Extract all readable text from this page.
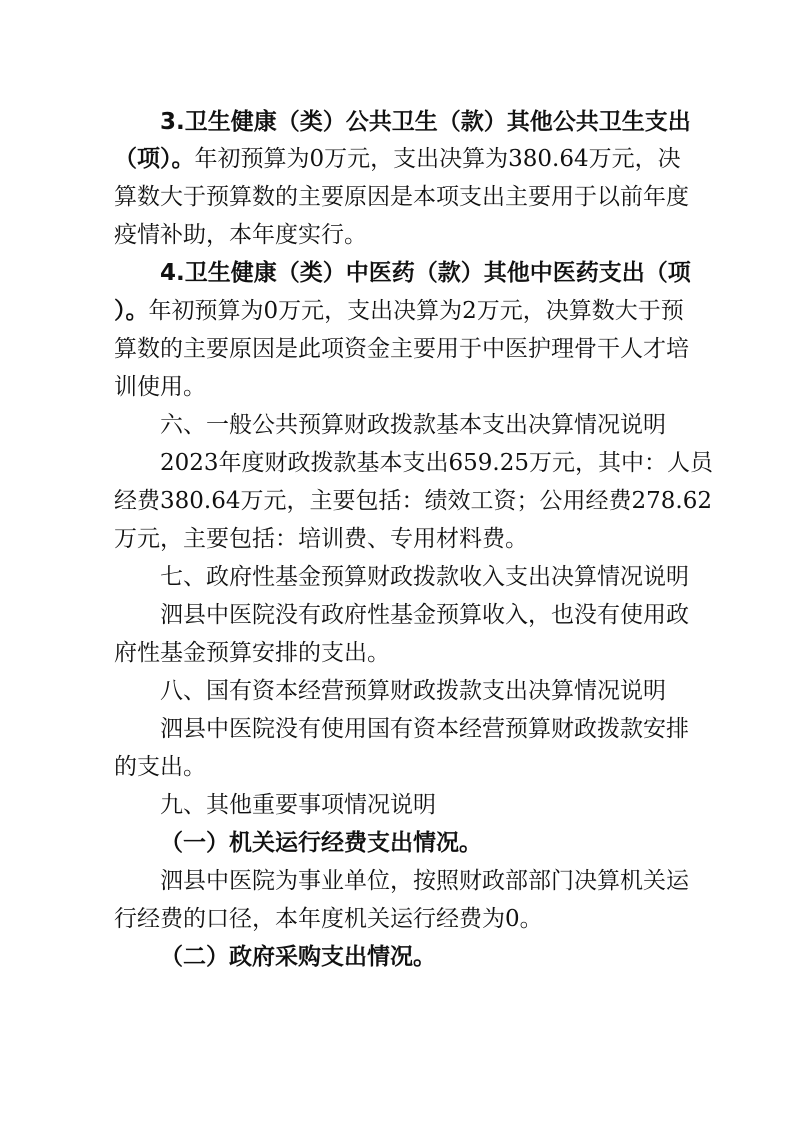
3.卫生健康（类）公共卫生（款）其他公共卫生支出
（项）。年初预算为0万元，支出决算为380.64万元，决
算数大于预算数的主要原因是本项支出主要用于以前年度
疫情补助，本年度实行。
4.卫生健康（类）中医药（款）其他中医药支出（项
）。年初预算为0万元，支出决算为2万元，决算数大于预
算数的主要原因是此项资金主要用于中医护理骨干人才培
训使用。
六、一般公共预算财政拨款基本支出决算情况说明
2023年度财政拨款基本支出659.25万元，其中：人员
经费380.64万元，主要包括：绩效工资；公用经费278.62
万元，主要包括：培训费、专用材料费。
七、政府性基金预算财政拨款收入支出决算情况说明
泗县中医院没有政府性基金预算收入，也没有使用政
府性基金预算安排的支出。
八、国有资本经营预算财政拨款支出决算情况说明
泗县中医院没有使用国有资本经营预算财政拨款安排
的支出。
九、其他重要事项情况说明
（一）机关运行经费支出情况。
泗县中医院为事业单位，按照财政部部门决算机关运
行经费的口径，本年度机关运行经费为0。
（二）政府采购支出情况。
